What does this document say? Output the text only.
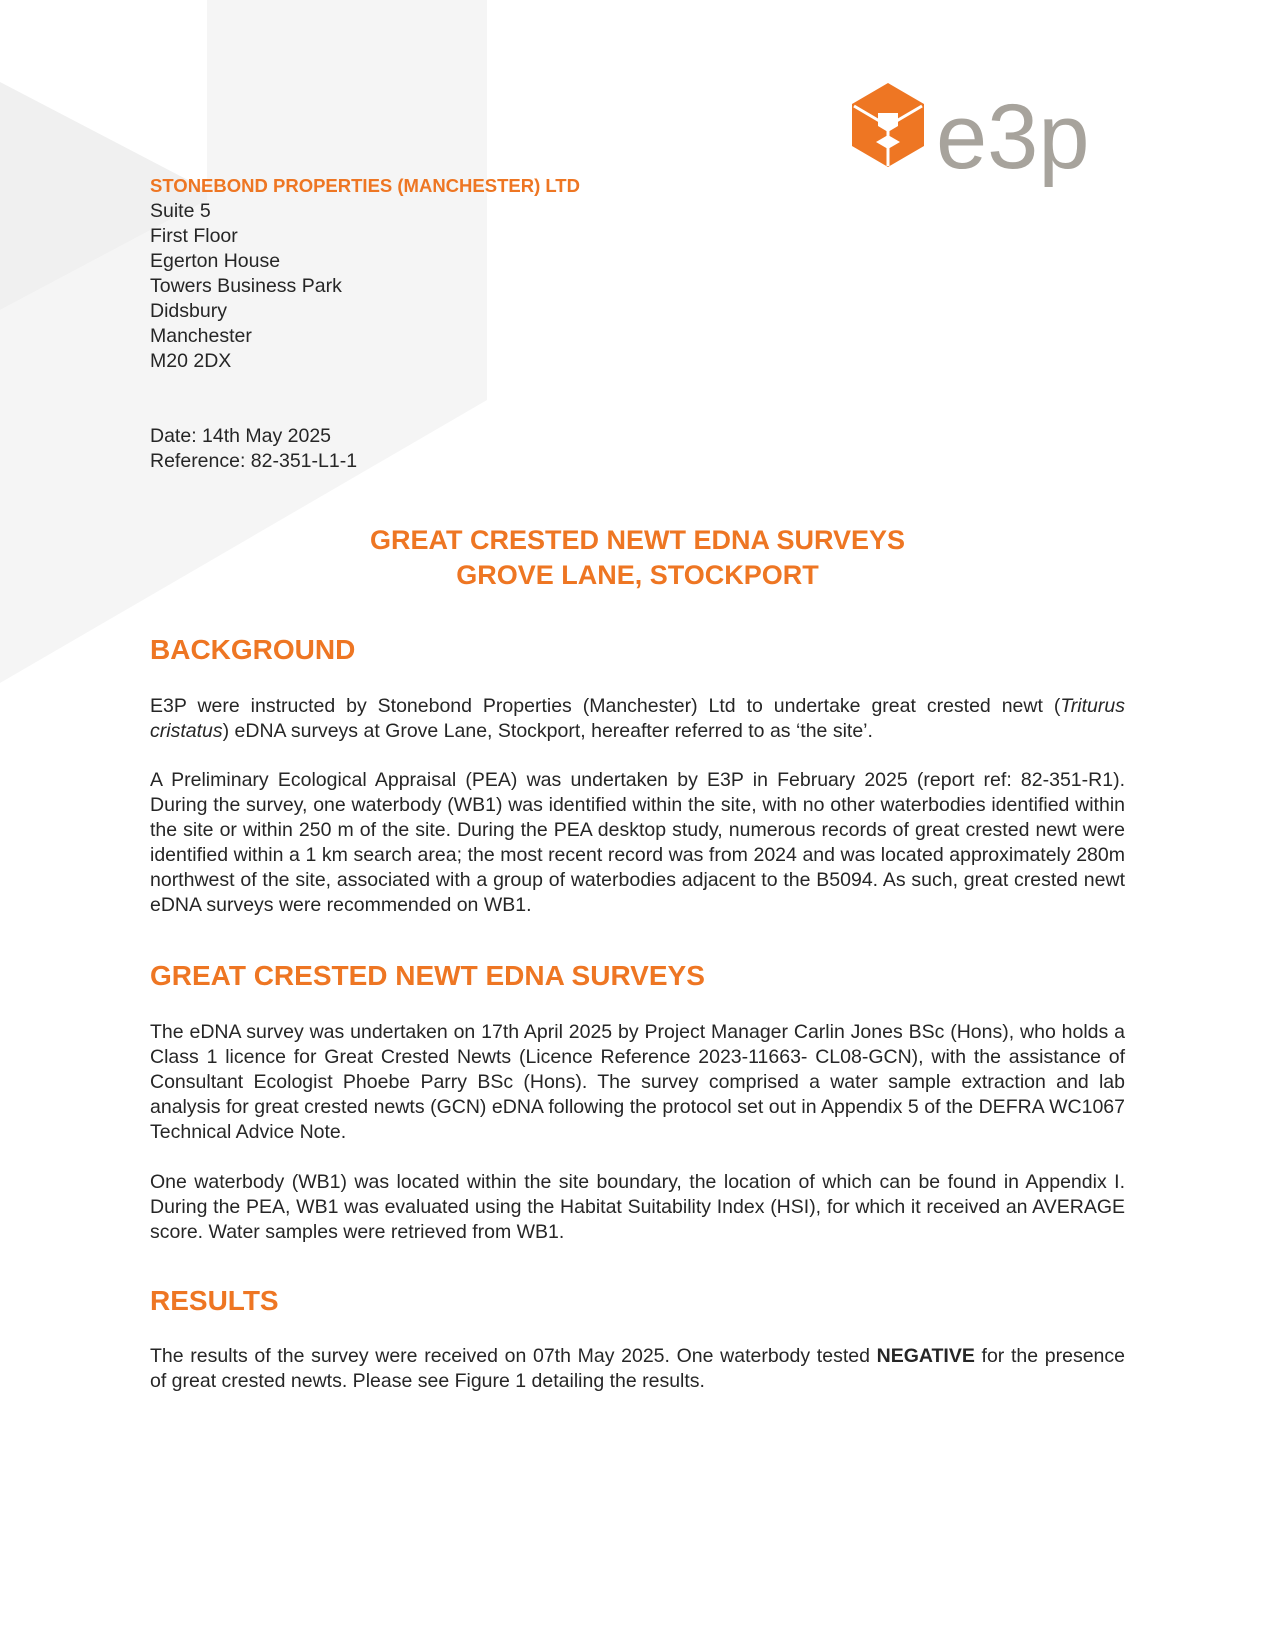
e3p
STONEBOND PROPERTIES (MANCHESTER) LTD
Suite 5
First Floor
Egerton House
Towers Business Park
Didsbury
Manchester
M20 2DX
Date: 14th May 2025
Reference: 82-351-L1-1
GREAT CRESTED NEWT EDNA SURVEYS
GROVE LANE, STOCKPORT
BACKGROUND
E3P were instructed by Stonebond Properties (Manchester) Ltd to undertake great crested newt (Triturus cristatus) eDNA surveys at Grove Lane, Stockport, hereafter referred to as ‘the site’.
A Preliminary Ecological Appraisal (PEA) was undertaken by E3P in February 2025 (report ref: 82-351-R1). During the survey, one waterbody (WB1) was identified within the site, with no other waterbodies identified within the site or within 250 m of the site. During the PEA desktop study, numerous records of great crested newt were identified within a 1 km search area; the most recent record was from 2024 and was located approximately 280m northwest of the site, associated with a group of waterbodies adjacent to the B5094. As such, great crested newt eDNA surveys were recommended on WB1.
GREAT CRESTED NEWT EDNA SURVEYS
The eDNA survey was undertaken on 17th April 2025 by Project Manager Carlin Jones BSc (Hons), who holds a Class 1 licence for Great Crested Newts (Licence Reference 2023-11663- CL08-GCN), with the assistance of Consultant Ecologist Phoebe Parry BSc (Hons). The survey comprised a water sample extraction and lab analysis for great crested newts (GCN) eDNA following the protocol set out in Appendix 5 of the DEFRA WC1067 Technical Advice Note.
One waterbody (WB1) was located within the site boundary, the location of which can be found in Appendix I. During the PEA, WB1 was evaluated using the Habitat Suitability Index (HSI), for which it received an AVERAGE score. Water samples were retrieved from WB1.
RESULTS
The results of the survey were received on 07th May 2025. One waterbody tested NEGATIVE for the presence of great crested newts. Please see Figure 1 detailing the results.
